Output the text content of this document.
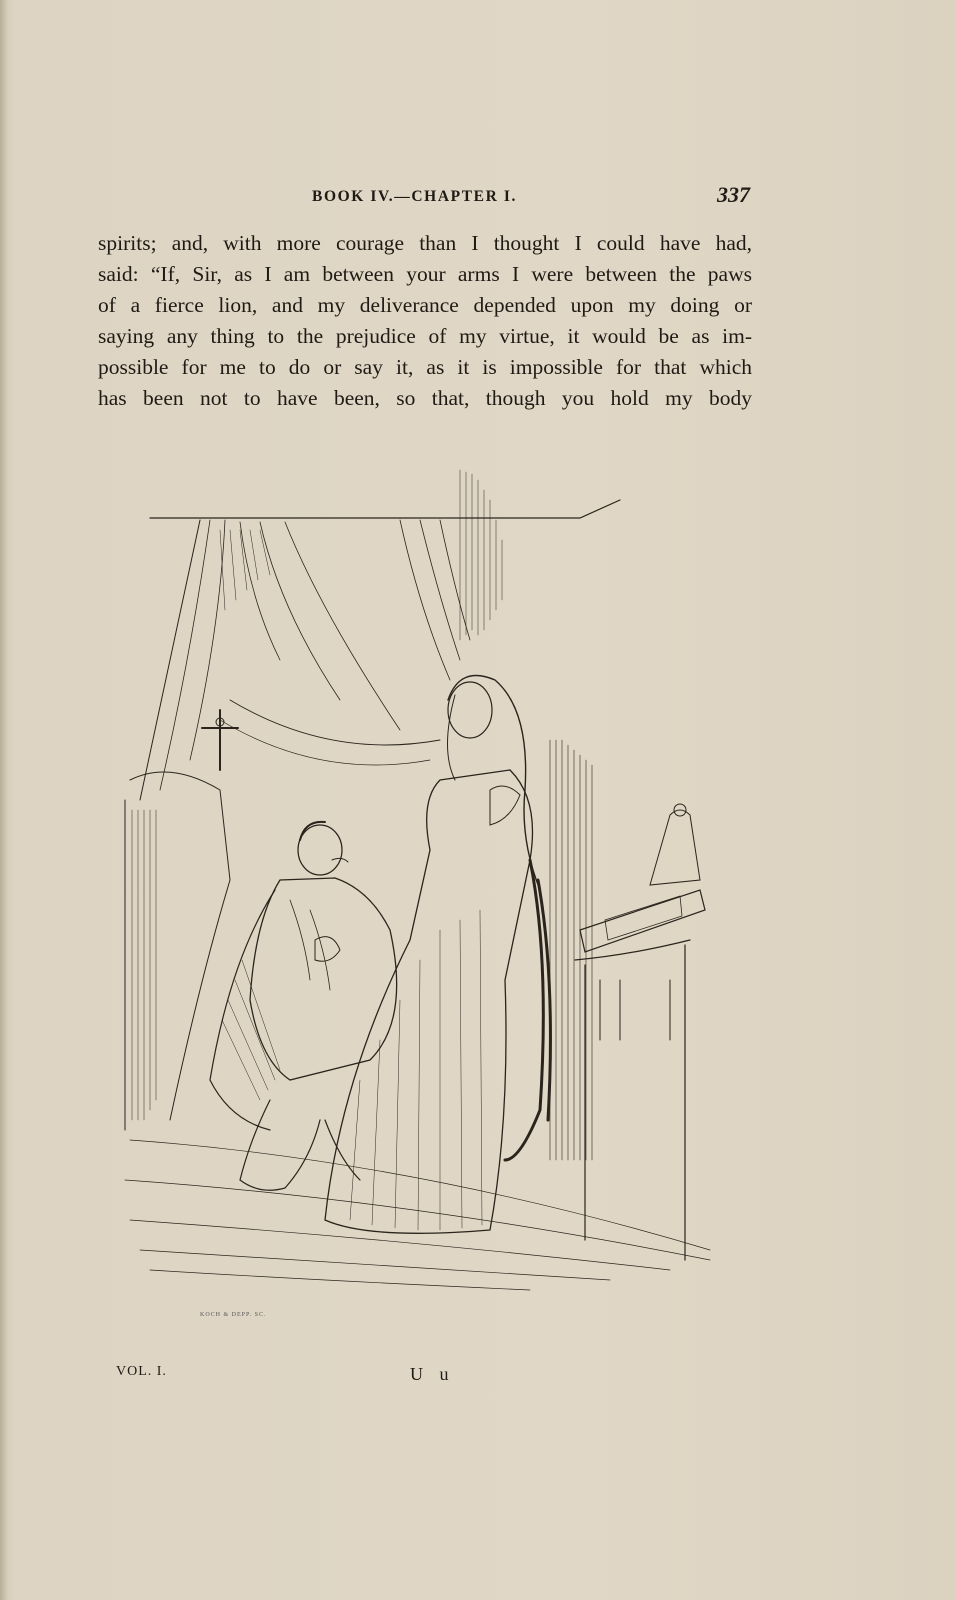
BOOK IV.—CHAPTER I.	337
spirits; and, with more courage than I thought I could have had,
said: “If, Sir, as I am between your arms I were between the paws
of a fierce lion, and my deliverance depended upon my doing or
saying any thing to the prejudice of my virtue, it would be as im-
possible for me to do or say it, as it is impossible for that which
has been not to have been, so that, though you hold my body
KOCH & DEPP. SC.
VOL. I.	U u
